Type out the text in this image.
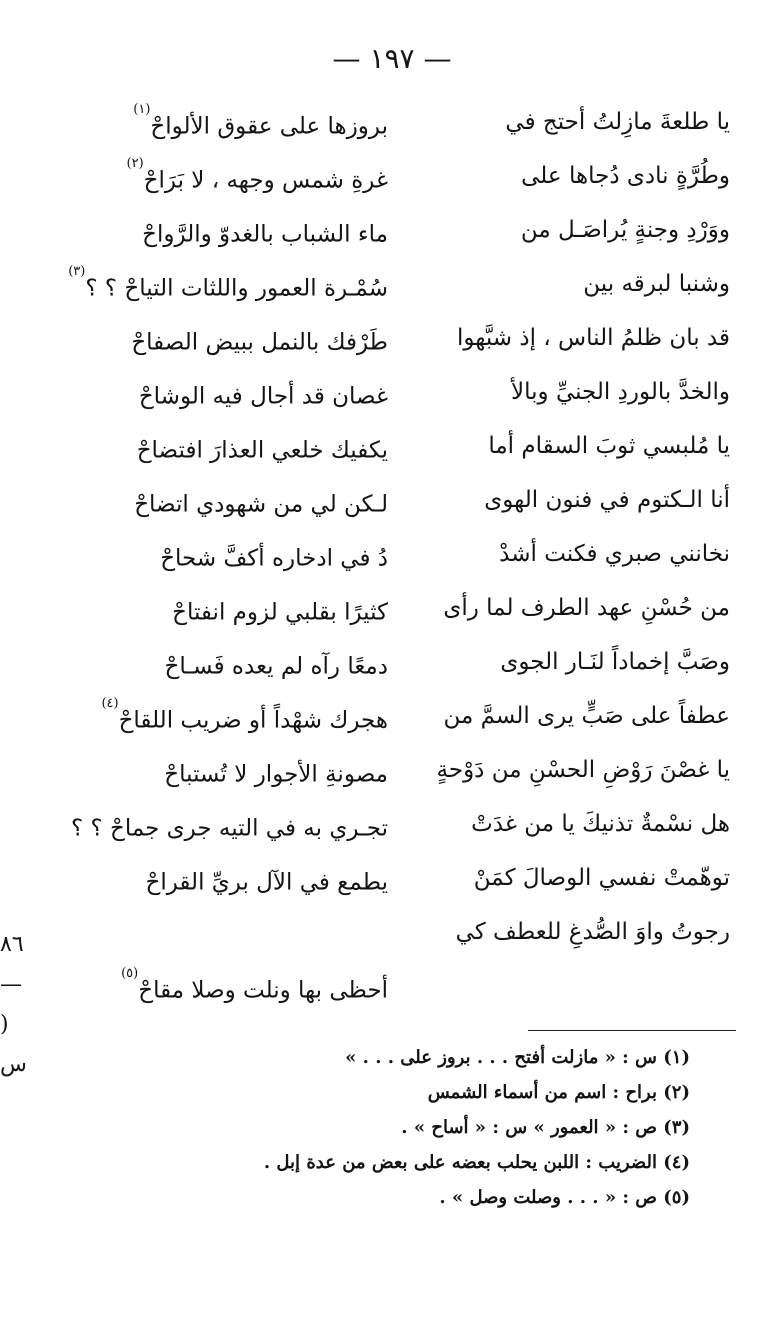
— ١٩٧ —
يا طلعةَ مازِلتُ أحتج في
بروزها على عقوق الألواحْ$^{(١)}$
وطُرَّةٍ نادى دُجاها على
غرةِ شمس وجهه ، لا بَرَاحْ$^{(٢)}$
ووَرْدِ وجنةٍ يُراصَـل من
ماء الشباب بالغدوّ والرَّواحْ
وشنبا لبرقه بين
سُمْـرة العمور واللثات التياحْ ؟ ؟$^{(٣)}$
قد بان ظلمُ الناس ، إذ شبَّهوا
طَرْفك بالنمل ببيض الصفاحْ
والخدَّ بالوردِ الجنيِّ وبالأ
غصان قد أجال فيه الوشاحْ
يا مُلبسي ثوبَ السقام أما
يكفيك خلعي العذارَ افتضاحْ
أنا الـكتوم في فنون الهوى
لـكن لي من شهودي اتضاحْ
نخانني صبري فكنت أشدْ
دُ في ادخاره أكفَّ شحاحْ
من حُسْنِ عهد الطرف لما رأى
كثيرًا بقلبي لزوم انفتاحْ
وصَبَّ إخماداً لنَـار الجوى
دمعًا رآه لم يعده فَسـاحْ
عطفاً على صَبٍّ يرى السمَّ من
هجرك شهْداً أو ضريب اللقاحْ$^{(٤)}$
يا غصْنَ رَوْضِ الحسْنِ من دَوْحةٍ
مصونةِ الأجوار لا تُستباحْ
هل نسْمةٌ تذنيكَ يا من غدَتْ
تجـري به في التيه جرى جماحْ ؟ ؟
توهّمتْ نفسي الوصالَ كمَنْ
يطمع في الآل بريِّ القراحْ
رجوتُ واوَ الصُّدغِ للعطف كي
أحظى بها ونلت وصلا مقاحْ$^{(٥)}$
٨٦ —
( س	(١) س : « مازلت أفتح . . . بروز على . . . »
(٢) براح : اسم من أسماء الشمس
(٣) ص : « العمور » س : « أساح » .
(٤) الضريب : اللبن يحلب بعضه على بعض من عدة إبل .
(٥) ص : « . . . وصلت وصل » .
